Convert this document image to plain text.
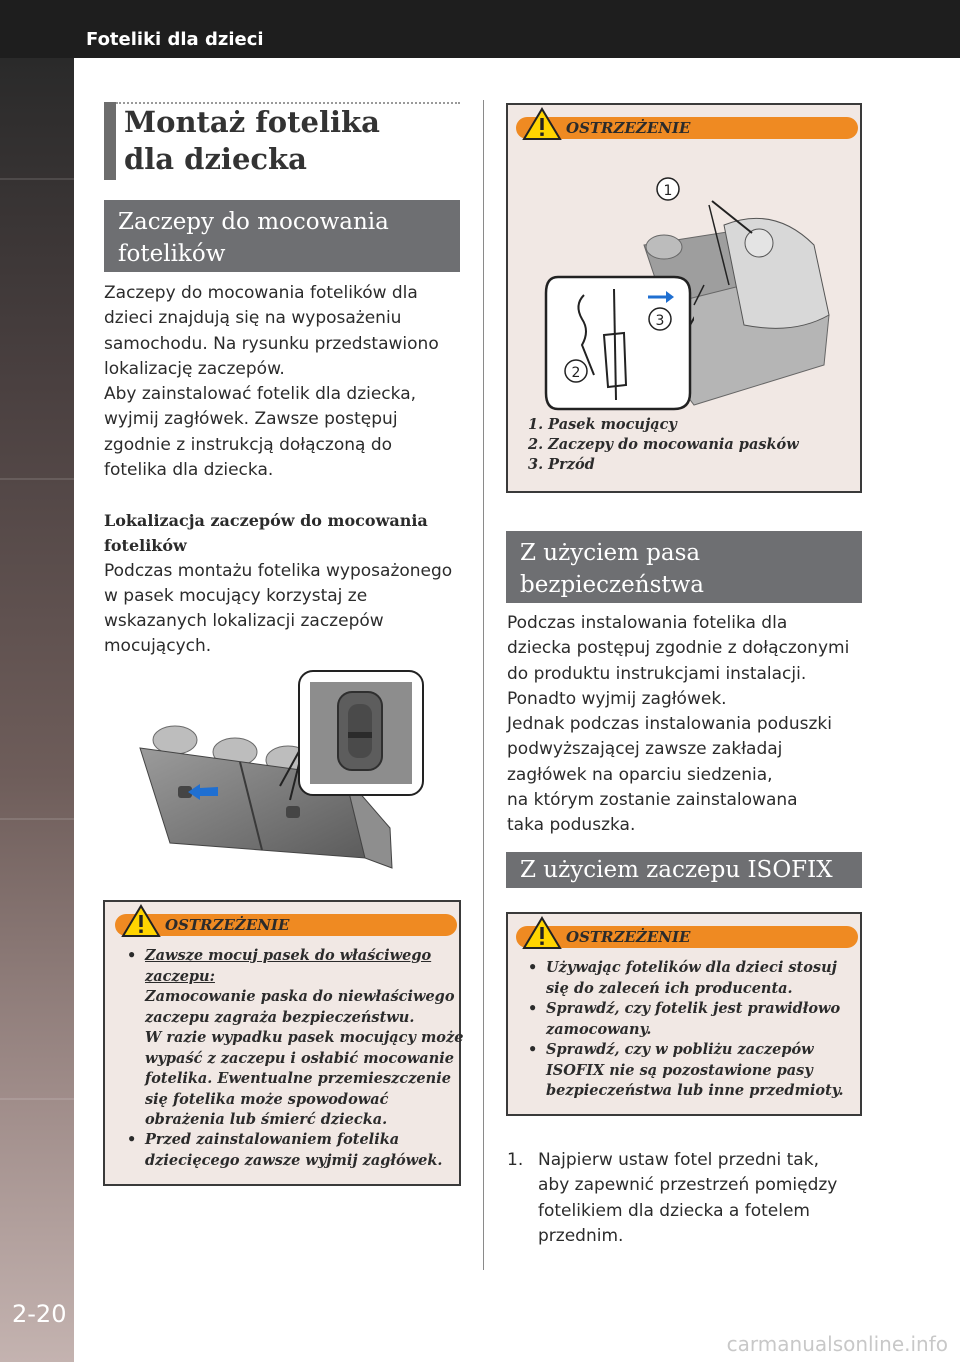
Foteliki dla dzieci
2-20
Montaż fotelika
dla dziecka
Zaczepy do mocowania
fotelików
Zaczepy do mocowania fotelików dla
dzieci znajdują się na wyposażeniu
samochodu. Na rysunku przedstawiono
lokalizację zaczepów.
Aby zainstalować fotelik dla dziecka,
wyjmij zagłówek. Zawsze postępuj
zgodnie z instrukcją dołączoną do
fotelika dla dziecka.
Lokalizacja zaczepów do mocowania
fotelików
Podczas montażu fotelika wyposażonego
w pasek mocujący korzystaj ze
wskazanych lokalizacji zaczepów
mocujących.
OSTRZEŻENIE
• Zawsze mocuj pasek do właściwego
zaczepu:
Zamocowanie paska do niewłaściwego
zaczepu zagraża bezpieczeństwu.
W razie wypadku pasek mocujący może
wypaść z zaczepu i osłabić mocowanie
fotelika. Ewentualne przemieszczenie
się fotelika może spowodować
obrażenia lub śmierć dziecka.
• Przed zainstalowaniem fotelika
dziecięcego zawsze wyjmij zagłówek.
OSTRZEŻENIE
1
3
2
1. Pasek mocujący
2. Zaczepy do mocowania pasków
3. Przód
Z użyciem pasa
bezpieczeństwa
Podczas instalowania fotelika dla
dziecka postępuj zgodnie z dołączonymi
do produktu instrukcjami instalacji.
Ponadto wyjmij zagłówek.
Jednak podczas instalowania poduszki
podwyższającej zawsze zakładaj
zagłówek na oparciu siedzenia,
na którym zostanie zainstalowana
taka poduszka.
Z użyciem zaczepu ISOFIX
OSTRZEŻENIE
• Używając fotelików dla dzieci stosuj
się do zaleceń ich producenta.
• Sprawdź, czy fotelik jest prawidłowo
zamocowany.
• Sprawdź, czy w pobliżu zaczepów
ISOFIX nie są pozostawione pasy
bezpieczeństwa lub inne przedmioty.
1. Najpierw ustaw fotel przedni tak,
aby zapewnić przestrzeń pomiędzy
fotelikiem dla dziecka a fotelem
przednim.
carmanualsonline.info
